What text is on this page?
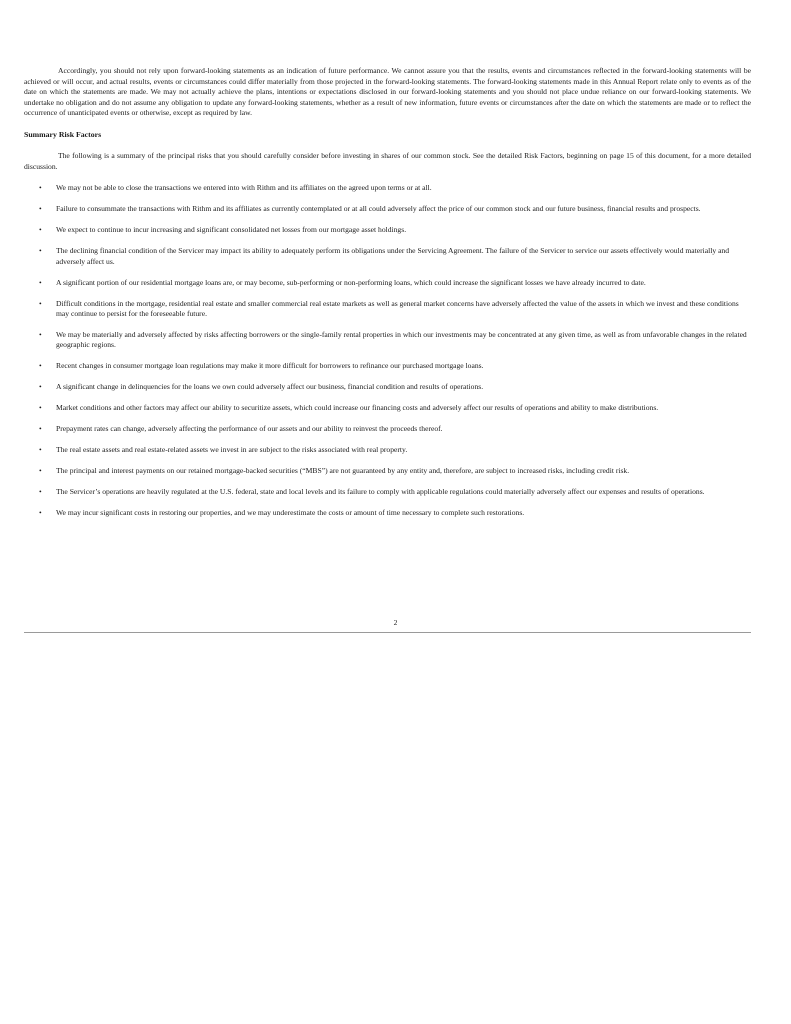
Accordingly, you should not rely upon forward-looking statements as an indication of future performance. We cannot assure you that the results, events and circumstances reflected in the forward-looking statements will be achieved or will occur, and actual results, events or circumstances could differ materially from those projected in the forward-looking statements. The forward-looking statements made in this Annual Report relate only to events as of the date on which the statements are made. We may not actually achieve the plans, intentions or expectations disclosed in our forward-looking statements and you should not place undue reliance on our forward-looking statements. We undertake no obligation and do not assume any obligation to update any forward-looking statements, whether as a result of new information, future events or circumstances after the date on which the statements are made or to reflect the occurrence of unanticipated events or otherwise, except as required by law.

Summary Risk Factors

The following is a summary of the principal risks that you should carefully consider before investing in shares of our common stock. See the detailed Risk Factors, beginning on page 15 of this document, for a more detailed discussion.

• We may not be able to close the transactions we entered into with Rithm and its affiliates on the agreed upon terms or at all.
• Failure to consummate the transactions with Rithm and its affiliates as currently contemplated or at all could adversely affect the price of our common stock and our future business, financial results and prospects.
• We expect to continue to incur increasing and significant consolidated net losses from our mortgage asset holdings.
• The declining financial condition of the Servicer may impact its ability to adequately perform its obligations under the Servicing Agreement. The failure of the Servicer to service our assets effectively would materially and adversely affect us.
• A significant portion of our residential mortgage loans are, or may become, sub-performing or non-performing loans, which could increase the significant losses we have already incurred to date.
• Difficult conditions in the mortgage, residential real estate and smaller commercial real estate markets as well as general market concerns have adversely affected the value of the assets in which we invest and these conditions may continue to persist for the foreseeable future.
• We may be materially and adversely affected by risks affecting borrowers or the single-family rental properties in which our investments may be concentrated at any given time, as well as from unfavorable changes in the related geographic regions.
• Recent changes in consumer mortgage loan regulations may make it more difficult for borrowers to refinance our purchased mortgage loans.
• A significant change in delinquencies for the loans we own could adversely affect our business, financial condition and results of operations.
• Market conditions and other factors may affect our ability to securitize assets, which could increase our financing costs and adversely affect our results of operations and ability to make distributions.
• Prepayment rates can change, adversely affecting the performance of our assets and our ability to reinvest the proceeds thereof.
• The real estate assets and real estate-related assets we invest in are subject to the risks associated with real property.
• The principal and interest payments on our retained mortgage-backed securities (“MBS”) are not guaranteed by any entity and, therefore, are subject to increased risks, including credit risk.
• The Servicer’s operations are heavily regulated at the U.S. federal, state and local levels and its failure to comply with applicable regulations could materially adversely affect our expenses and results of operations.
• We may incur significant costs in restoring our properties, and we may underestimate the costs or amount of time necessary to complete such restorations.
2
